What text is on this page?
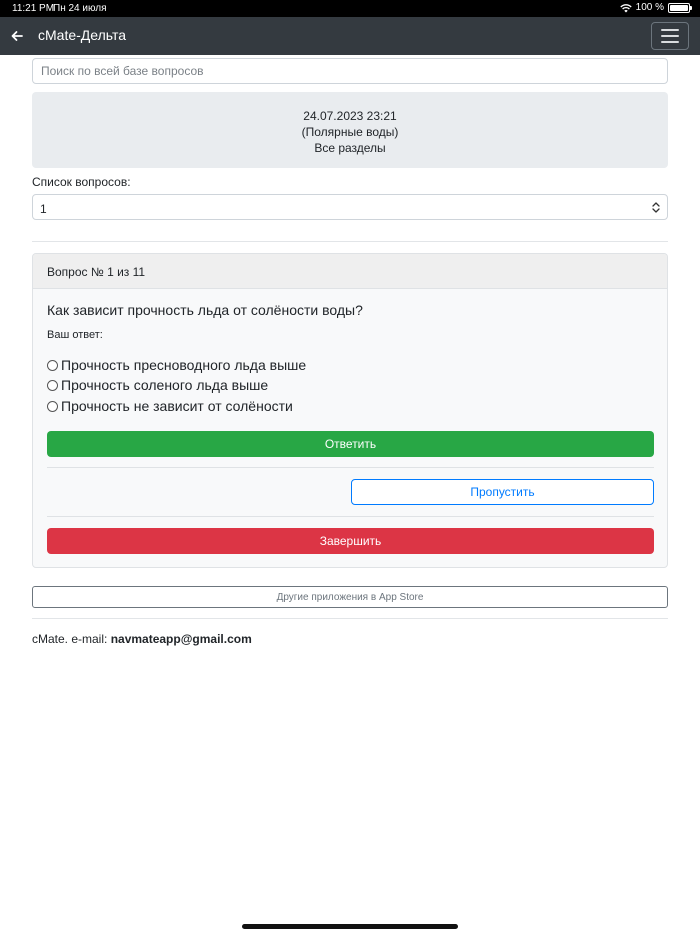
11:21 PM
Пн 24 июля	100 %
cMate-Дельта
Поиск по всей базе вопросов
24.07.2023 23:21
(Полярные воды)
Все разделы
Список вопросов:
1
Вопрос № 1 из 11
Как зависит прочность льда от солёности воды?
Ваш ответ:
Прочность пресноводного льда выше
Прочность соленого льда выше
Прочность не зависит от солёности
Ответить
Пропустить
Завершить
Другие приложения в App Store
cMate. e-mail: navmateapp@gmail.com
